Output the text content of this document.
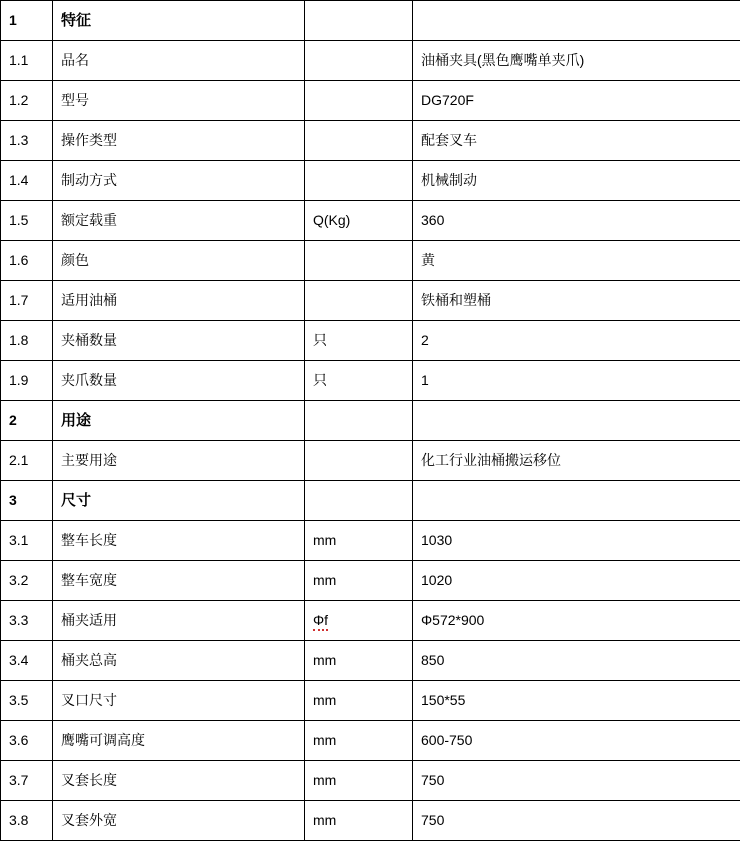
1	特征		
1.1	品名		油桶夹具(黑色鹰嘴单夹爪)
1.2	型号		DG720F
1.3	操作类型		配套叉车
1.4	制动方式		机械制动
1.5	额定载重	Q(Kg)	360
1.6	颜色		黄
1.7	适用油桶		铁桶和塑桶
1.8	夹桶数量	只	2
1.9	夹爪数量	只	1
2	用途		
2.1	主要用途		化工行业油桶搬运移位
3	尺寸		
3.1	整车长度	mm	1030
3.2	整车宽度	mm	1020
3.3	桶夹适用	Φf	Φ572*900
3.4	桶夹总高	mm	850
3.5	叉口尺寸	mm	150*55
3.6	鹰嘴可调高度	mm	600-750
3.7	叉套长度	mm	750
3.8	叉套外宽	mm	750
